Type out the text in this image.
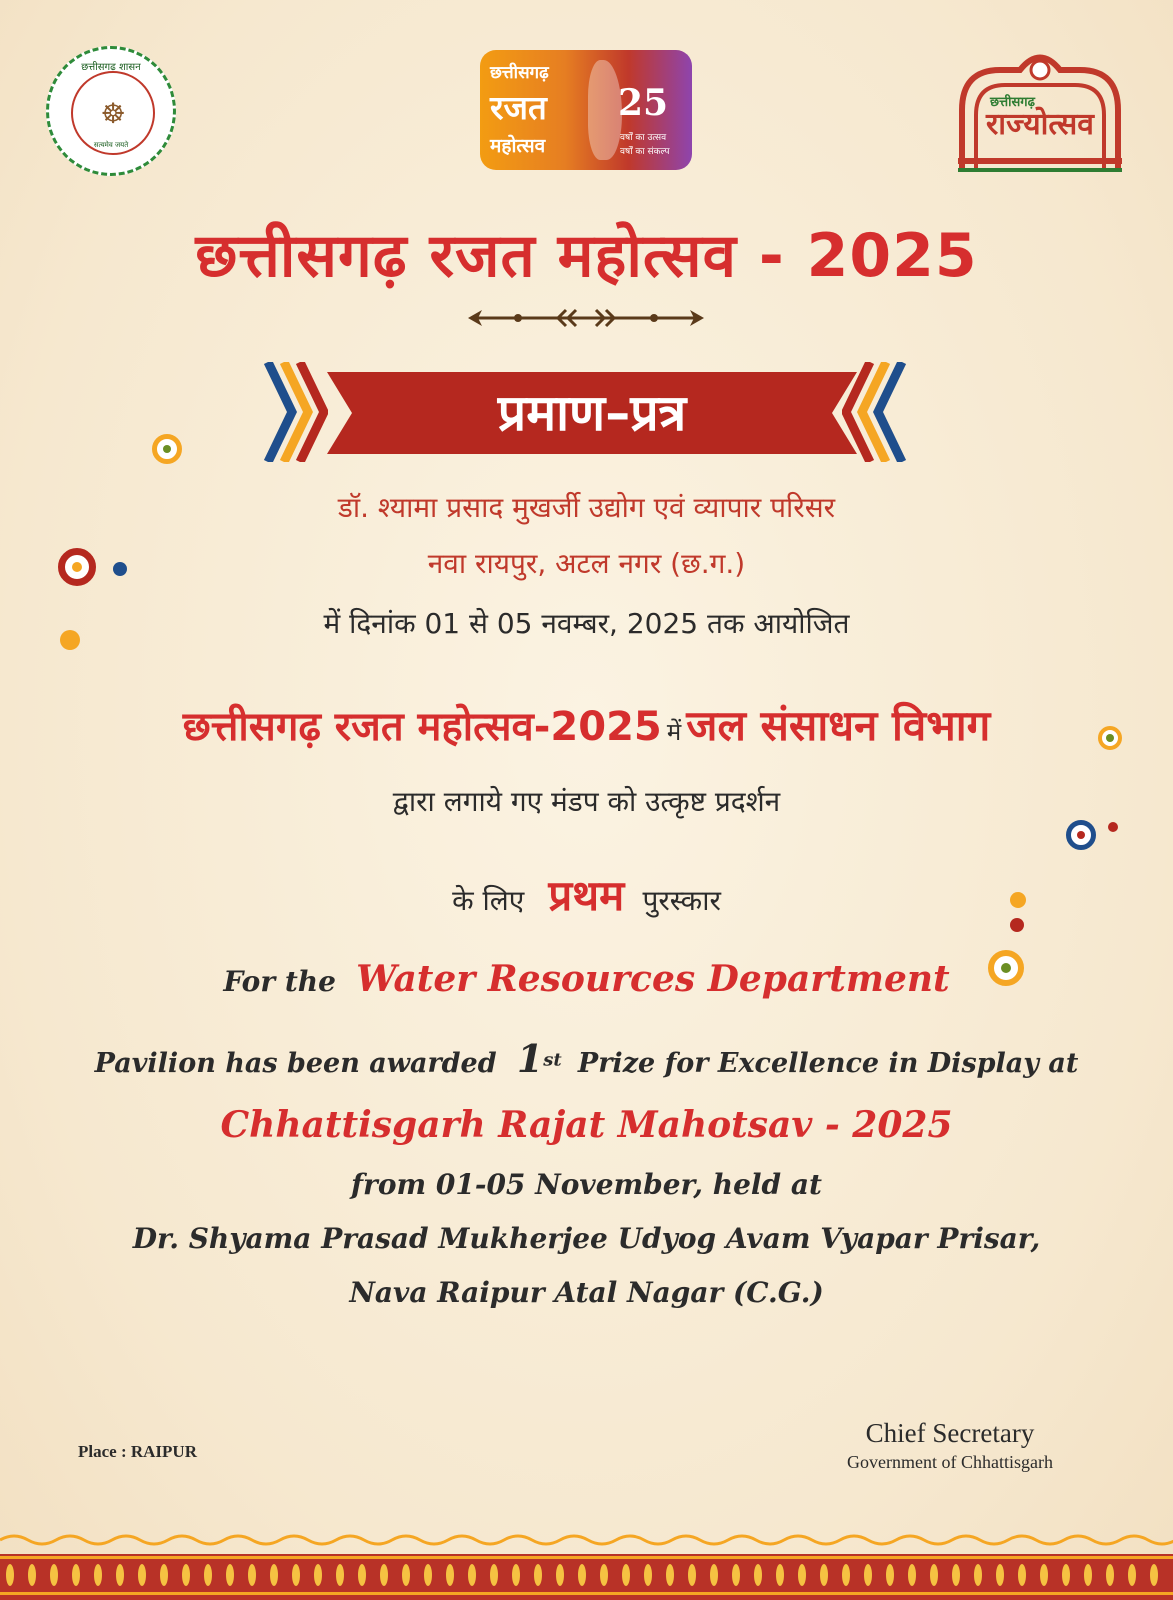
छत्तीसगढ़ शासन
☸
सत्यमेव जयते
छत्तीसगढ़
रजत
महोत्सव
25
वर्षों का उत्सव
वर्षों का संकल्प
छत्तीसगढ़
राज्योत्सव
छत्तीसगढ़ रजत महोत्सव - 2025
प्रमाण–प्रत्र
डॉ. श्यामा प्रसाद मुखर्जी उद्योग एवं व्यापार परिसर
नवा रायपुर, अटल नगर (छ.ग.)
में दिनांक 01 से 05 नवम्बर, 2025 तक आयोजित
छत्तीसगढ़ रजत महोत्सव-2025 में जल संसाधन विभाग
द्वारा लगाये गए मंडप को उत्कृष्ट प्रदर्शन
के लिए प्रथम पुरस्कार
For the Water Resources Department
Pavilion has been awarded 1st Prize for Excellence in Display at
Chhattisgarh Rajat Mahotsav - 2025
from 01-05 November, held at
Dr. Shyama Prasad Mukherjee Udyog Avam Vyapar Prisar,
Nava Raipur Atal Nagar (C.G.)
Place : RAIPUR
Chief Secretary
Government of Chhattisgarh
